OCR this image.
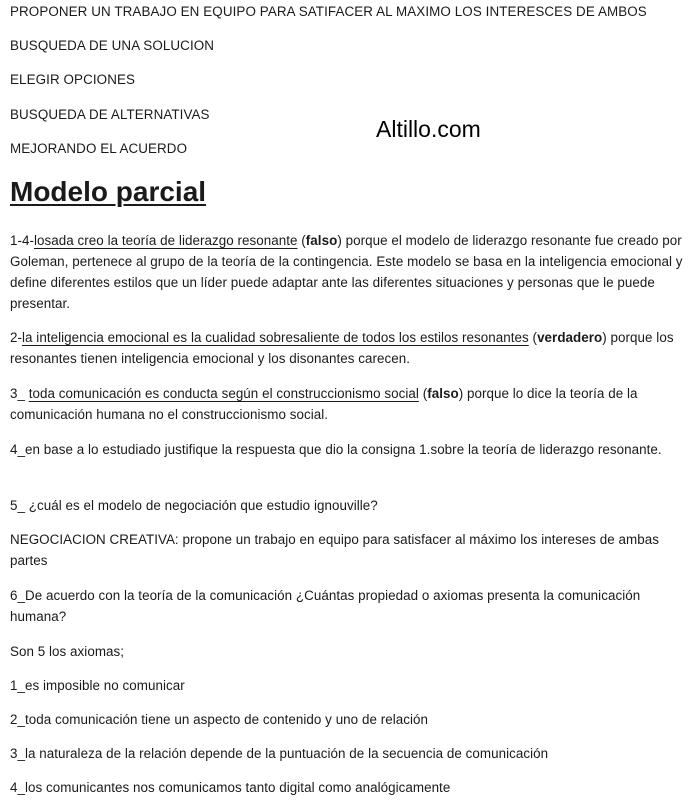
PROPONER UN TRABAJO EN EQUIPO PARA SATIFACER AL MAXIMO LOS INTERESCES DE AMBOS
BUSQUEDA DE UNA SOLUCION
ELEGIR OPCIONES
BUSQUEDA DE ALTERNATIVAS
MEJORANDO EL ACUERDO
Altillo.com
Modelo parcial
1-4-losada creo la teoría de liderazgo resonante (falso) porque el modelo de liderazgo resonante fue creado por Goleman, pertenece al grupo de la teoría de la contingencia. Este modelo se basa en la inteligencia emocional y define diferentes estilos que un líder puede adaptar ante las diferentes situaciones y personas que le puede presentar.
2-la inteligencia emocional es la cualidad sobresaliente de todos los estilos resonantes (verdadero) porque los resonantes tienen inteligencia emocional y los disonantes carecen.
3_ toda comunicación es conducta según el construccionismo social (falso) porque lo dice la teoría de la comunicación humana no el construccionismo social.
4_en base a lo estudiado justifique la respuesta que dio la consigna 1.sobre la teoría de liderazgo resonante.
5_ ¿cuál es el modelo de negociación que estudio ignouville?
NEGOCIACION CREATIVA: propone un trabajo en equipo para satisfacer al máximo los intereses de ambas partes
6_De acuerdo con la teoría de la comunicación ¿Cuántas propiedad o axiomas presenta la comunicación humana?
Son 5 los axiomas;
1_es imposible no comunicar
2_toda comunicación tiene un aspecto de contenido y uno de relación
3_la naturaleza de la relación depende de la puntuación de la secuencia de comunicación
4_los comunicantes nos comunicamos tanto digital como analógicamente
